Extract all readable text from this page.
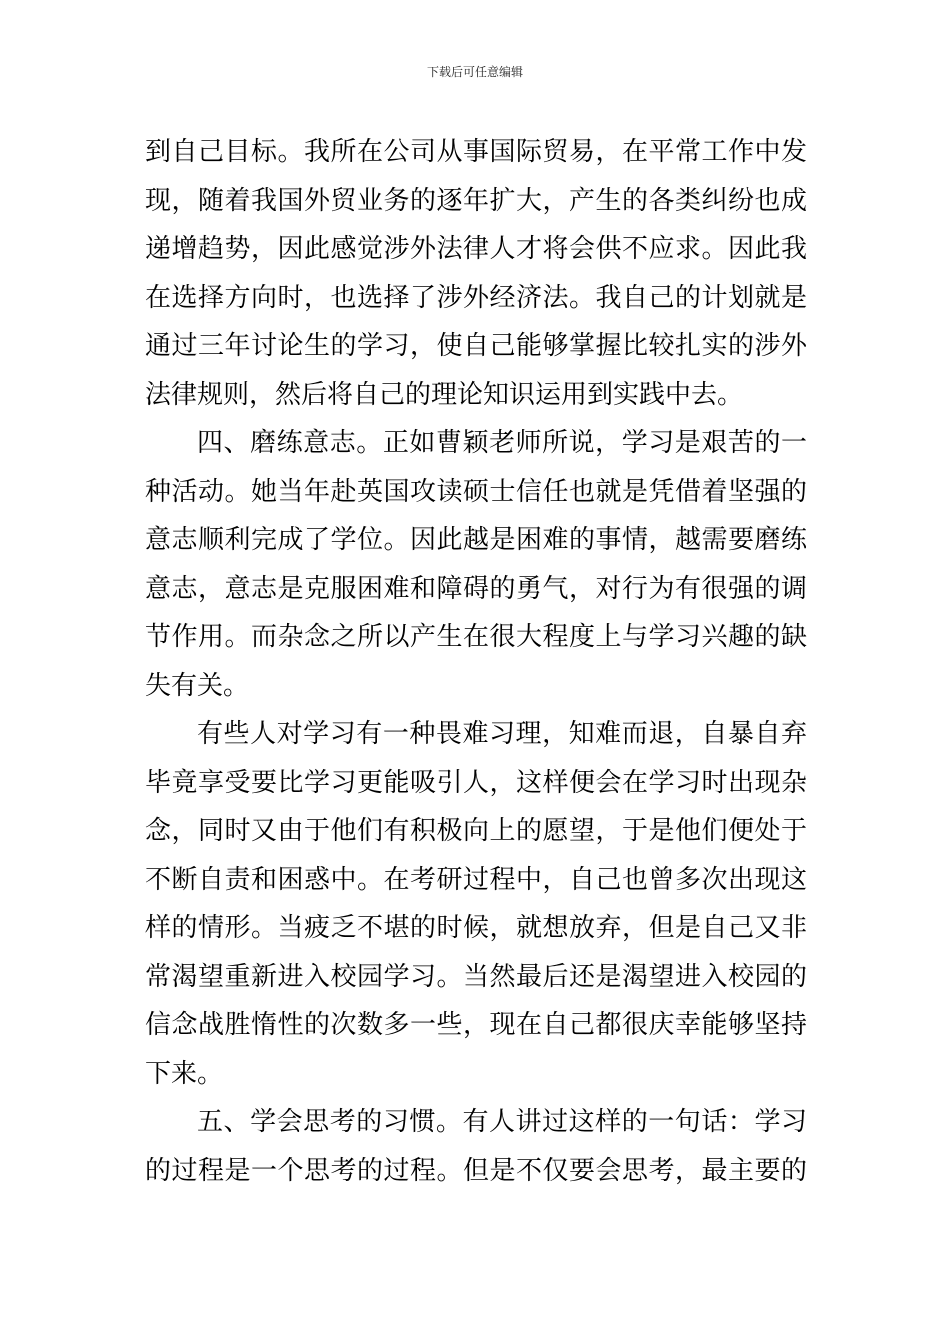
下载后可任意编辑

到自己目标。我所在公司从事国际贸易，在平常工作中发
现，随着我国外贸业务的逐年扩大，产生的各类纠纷也成
递增趋势，因此感觉涉外法律人才将会供不应求。因此我
在选择方向时，也选择了涉外经济法。我自己的计划就是
通过三年讨论生的学习，使自己能够掌握比较扎实的涉外
法律规则，然后将自己的理论知识运用到实践中去。

四、磨练意志。正如曹颖老师所说，学习是艰苦的一
种活动。她当年赴英国攻读硕士信任也就是凭借着坚强的
意志顺利完成了学位。因此越是困难的事情，越需要磨练
意志，意志是克服困难和障碍的勇气，对行为有很强的调
节作用。而杂念之所以产生在很大程度上与学习兴趣的缺
失有关。

有些人对学习有一种畏难习理，知难而退，自暴自弃
毕竟享受要比学习更能吸引人，这样便会在学习时出现杂
念，同时又由于他们有积极向上的愿望，于是他们便处于
不断自责和困惑中。在考研过程中，自己也曾多次出现这
样的情形。当疲乏不堪的时候，就想放弃，但是自己又非
常渴望重新进入校园学习。当然最后还是渴望进入校园的
信念战胜惰性的次数多一些，现在自己都很庆幸能够坚持
下来。

五、学会思考的习惯。有人讲过这样的一句话：学习
的过程是一个思考的过程。但是不仅要会思考，最主要的
